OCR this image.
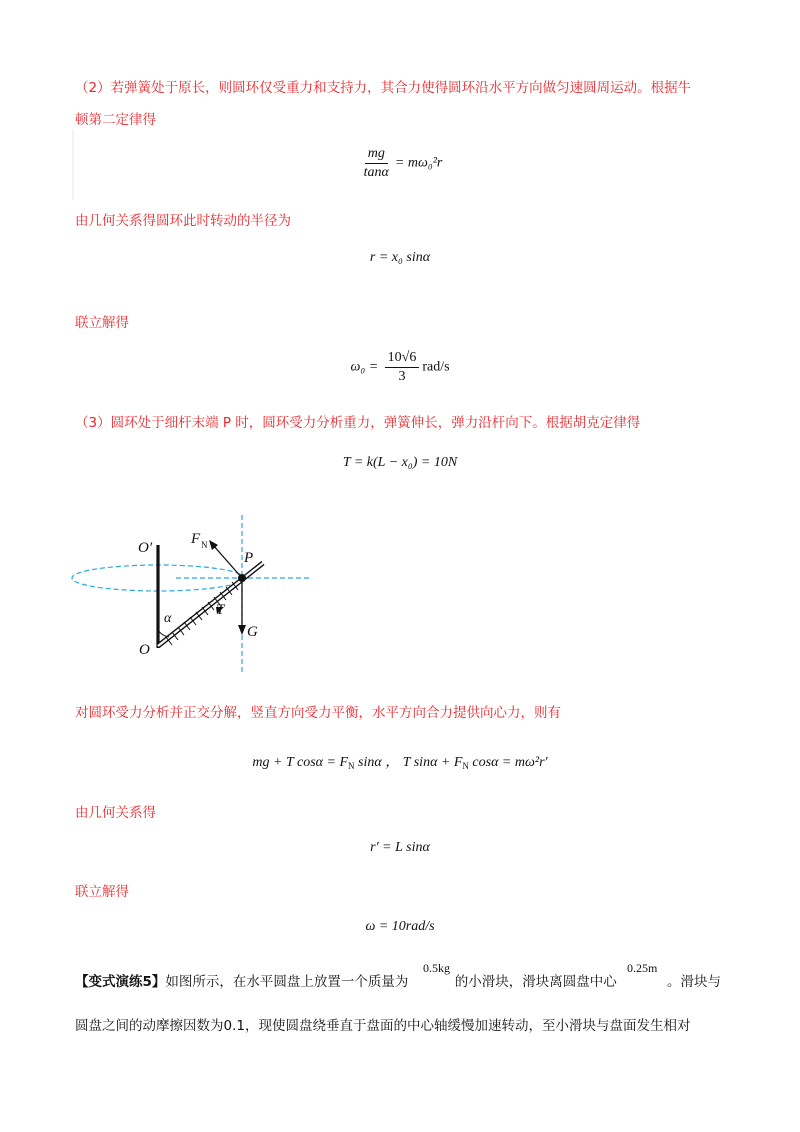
（2）若弹簧处于原长，则圆环仅受重力和支持力，其合力使得圆环沿水平方向做匀速圆周运动。根据牛
顿第二定律得
$\frac{mg}{\tan\alpha} = m\omega_0^2r$
由几何关系得圆环此时转动的半径为
r = x₀ sinα
联立解得
$\omega_0 = \frac{10√6}{3} rad/s$
（3）圆环处于细杆末端 P 时，圆环受力分析重力，弹簧伸长，弹力沿杆向下。根据胡克定律得
T = k(L − x₀) = 10N
O′
O
P
F N
α
T
G
对圆环受力分析并正交分解，竖直方向受力平衡，水平方向合力提供向心力，则有
mg + T $\cos\alpha = F_N$ sinα ， T $\sin\alpha + F_N$ cosα = mω²r′
由几何关系得
r′ = L sinα
联立解得
ω = 10rad/s
【变式演练5】如图所示，在水平圆盘上放置一个质量为	的小滑块，滑块离圆盘中心	。滑块与
0.5kg	0.25m
圆盘之间的动摩擦因数为0.1，现使圆盘绕垂直于盘面的中心轴缓慢加速转动，至小滑块与盘面发生相对
